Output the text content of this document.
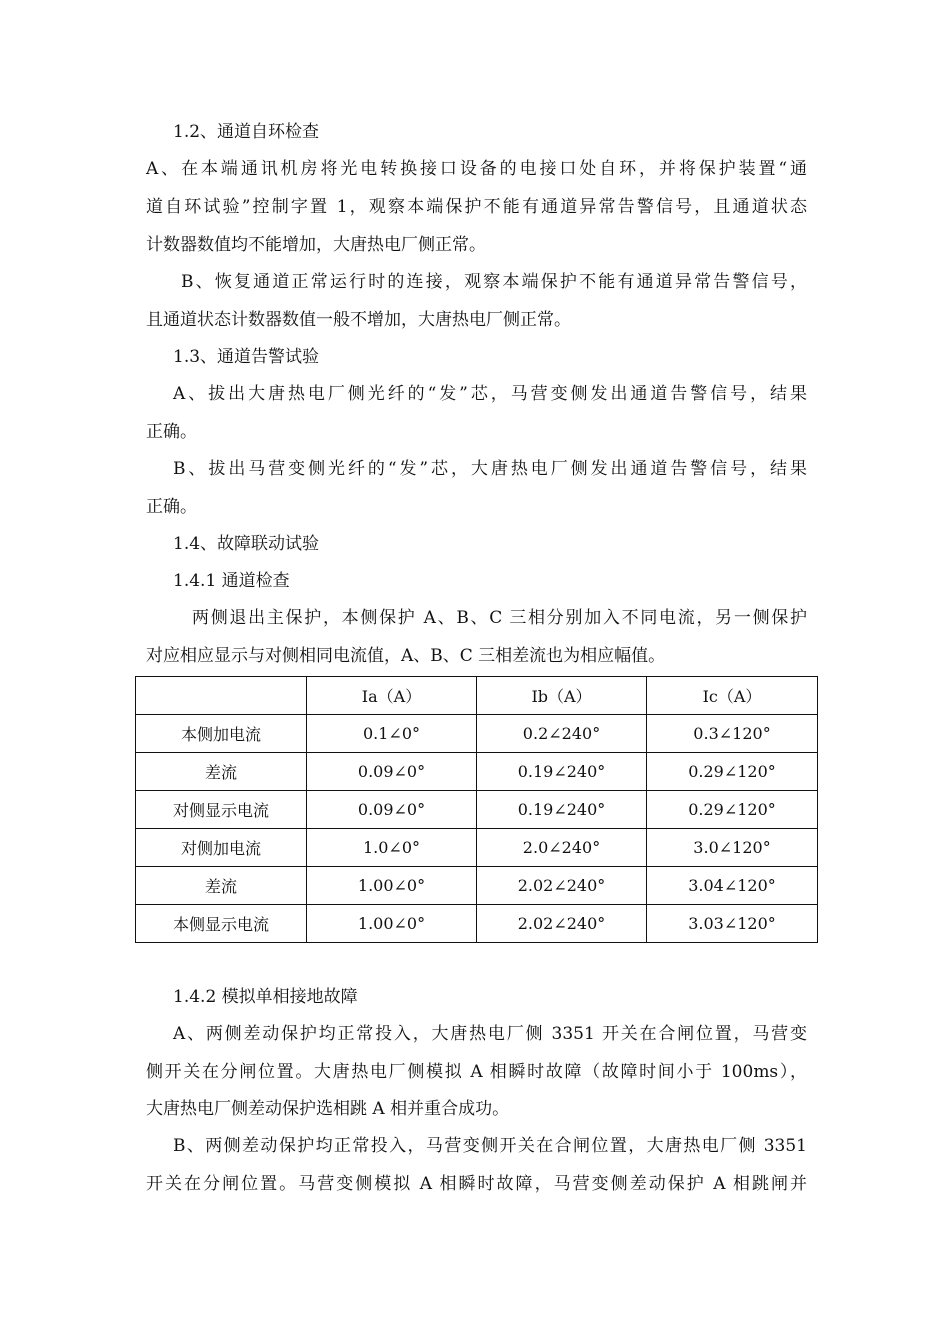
1.2、通道自环检查
A、在本端通讯机房将光电转换接口设备的电接口处自环，并将保护装置“通
道自环试验”控制字置 1，观察本端保护不能有通道异常告警信号，且通道状态
计数器数值均不能增加，大唐热电厂侧正常。
B、恢复通道正常运行时的连接，观察本端保护不能有通道异常告警信号，
且通道状态计数器数值一般不增加，大唐热电厂侧正常。
1.3、通道告警试验
A、拔出大唐热电厂侧光纤的“发”芯，马营变侧发出通道告警信号，结果
正确。
B、拔出马营变侧光纤的“发”芯，大唐热电厂侧发出通道告警信号，结果
正确。
1.4、故障联动试验
1.4.1 通道检查
两侧退出主保护，本侧保护 A、B、C 三相分别加入不同电流，另一侧保护
对应相应显示与对侧相同电流值，A、B、C 三相差流也为相应幅值。
	Ia（A）	Ib（A）	Ic（A）
本侧加电流	0.1∠0°	0.2∠240°	0.3∠120°
差流	0.09∠0°	0.19∠240°	0.29∠120°
对侧显示电流	0.09∠0°	0.19∠240°	0.29∠120°
对侧加电流	1.0∠0°	2.0∠240°	3.0∠120°
差流	1.00∠0°	2.02∠240°	3.04∠120°
本侧显示电流	1.00∠0°	2.02∠240°	3.03∠120°
1.4.2 模拟单相接地故障
A、两侧差动保护均正常投入，大唐热电厂侧 3351 开关在合闸位置，马营变
侧开关在分闸位置。大唐热电厂侧模拟 A 相瞬时故障（故障时间小于 100ms），
大唐热电厂侧差动保护选相跳 A 相并重合成功。
B、两侧差动保护均正常投入，马营变侧开关在合闸位置，大唐热电厂侧 3351
开关在分闸位置。马营变侧模拟 A 相瞬时故障，马营变侧差动保护 A 相跳闸并
